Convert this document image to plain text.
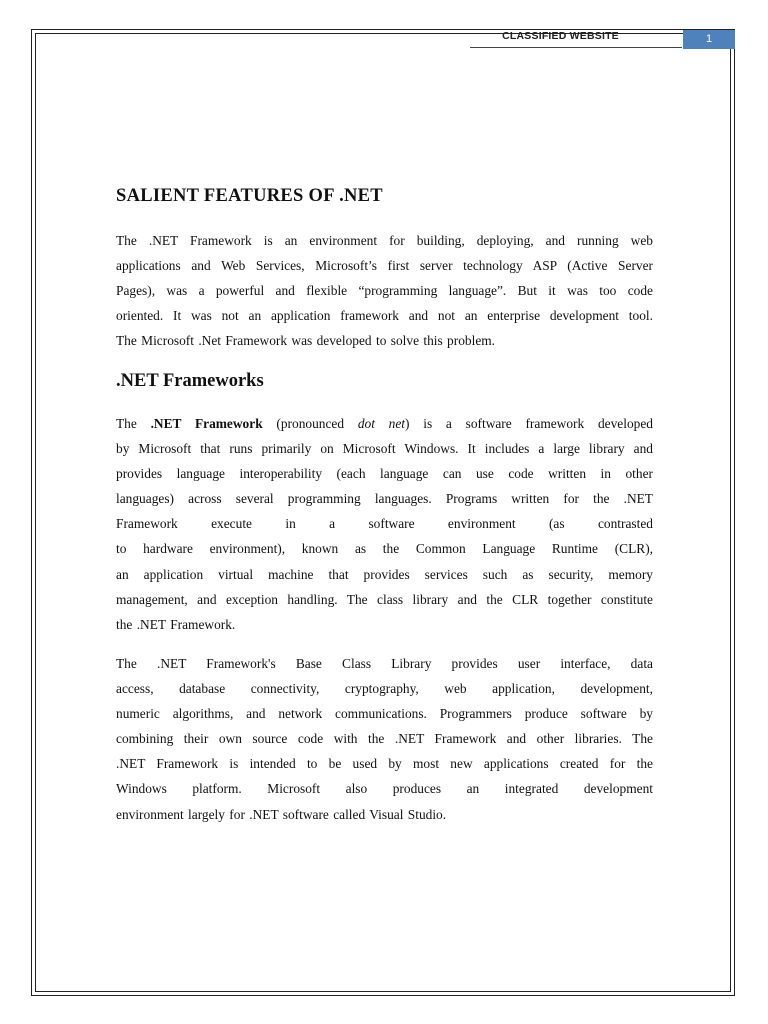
CLASSIFIED WEBSITE	1
SALIENT FEATURES OF .NET
The .NET Framework is an environment for building, deploying, and running web
applications and Web Services, Microsoft’s first server technology ASP (Active Server
Pages), was a powerful and flexible “programming language”. But it was too code
oriented. It was not an application framework and not an enterprise development tool.
The Microsoft .Net Framework was developed to solve this problem.
.NET Frameworks
The .NET Framework (pronounced dot net) is a software framework developed
by Microsoft that runs primarily on Microsoft Windows. It includes a large library and
provides language interoperability (each language can use code written in other
languages) across several programming languages. Programs written for the .NET
Framework execute in a software environment (as contrasted
to hardware environment), known as the Common Language Runtime (CLR),
an application virtual machine that provides services such as security, memory
management, and exception handling. The class library and the CLR together constitute
the .NET Framework.
The .NET Framework's Base Class Library provides user interface, data
access, database connectivity, cryptography, web application, development,
numeric algorithms, and network communications. Programmers produce software by
combining their own source code with the .NET Framework and other libraries. The
.NET Framework is intended to be used by most new applications created for the
Windows platform. Microsoft also produces an integrated development
environment largely for .NET software called Visual Studio.
